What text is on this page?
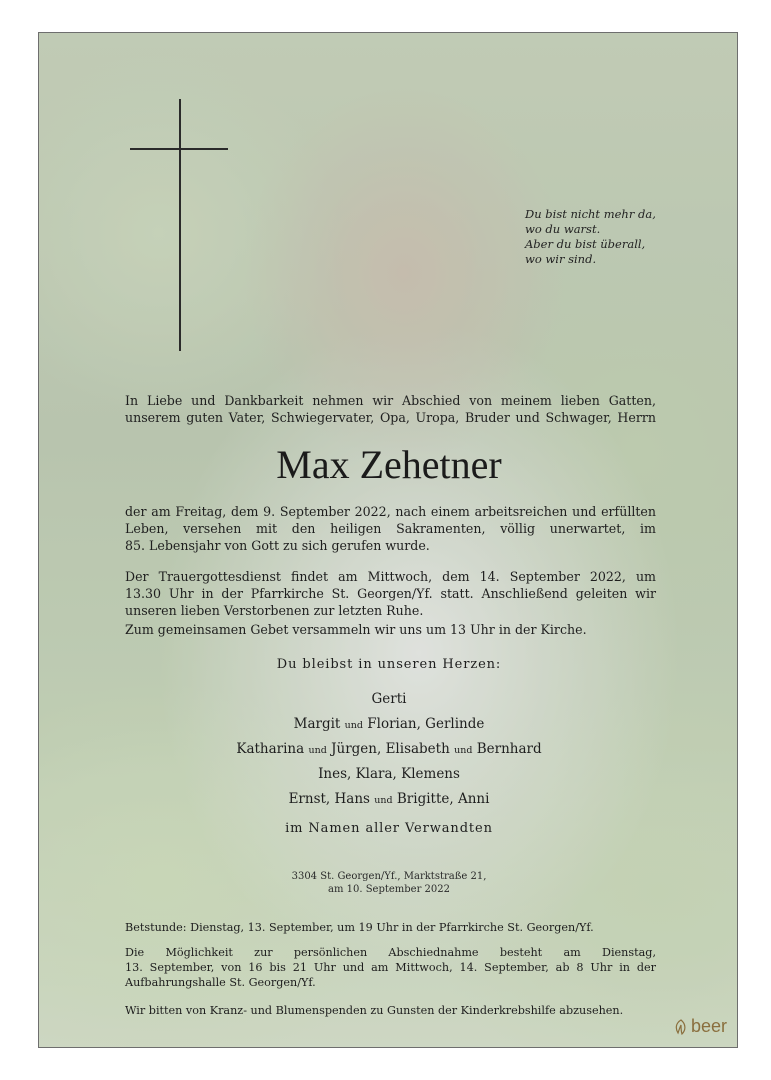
Du bist nicht mehr da,
wo du warst.
Aber du bist überall,
wo wir sind.
In Liebe und Dankbarkeit nehmen wir Abschied von meinem lieben Gatten,
unserem guten Vater, Schwiegervater, Opa, Uropa, Bruder und Schwager, Herrn
Max Zehetner
der am Freitag, dem 9. September 2022, nach einem arbeitsreichen und erfüllten
Leben, versehen mit den heiligen Sakramenten, völlig unerwartet, im
85. Lebensjahr von Gott zu sich gerufen wurde.
Der Trauergottesdienst findet am Mittwoch, dem 14. September 2022, um
13.30 Uhr in der Pfarrkirche St. Georgen/Yf. statt. Anschließend geleiten wir
unseren lieben Verstorbenen zur letzten Ruhe.
Zum gemeinsamen Gebet versammeln wir uns um 13 Uhr in der Kirche.
Du bleibst in unseren Herzen:
Gerti
Margit und Florian, Gerlinde
Katharina und Jürgen, Elisabeth und Bernhard
Ines, Klara, Klemens
Ernst, Hans und Brigitte, Anni
im Namen aller Verwandten
3304 St. Georgen/Yf., Marktstraße 21,
am 10. September 2022
Betstunde: Dienstag, 13. September, um 19 Uhr in der Pfarrkirche St. Georgen/Yf.
Die Möglichkeit zur persönlichen Abschiednahme besteht am Dienstag,
13. September, von 16 bis 21 Uhr und am Mittwoch, 14. September, ab 8 Uhr in der
Aufbahrungshalle St. Georgen/Yf.
Wir bitten von Kranz- und Blumenspenden zu Gunsten der Kinderkrebshilfe abzusehen.
beer
